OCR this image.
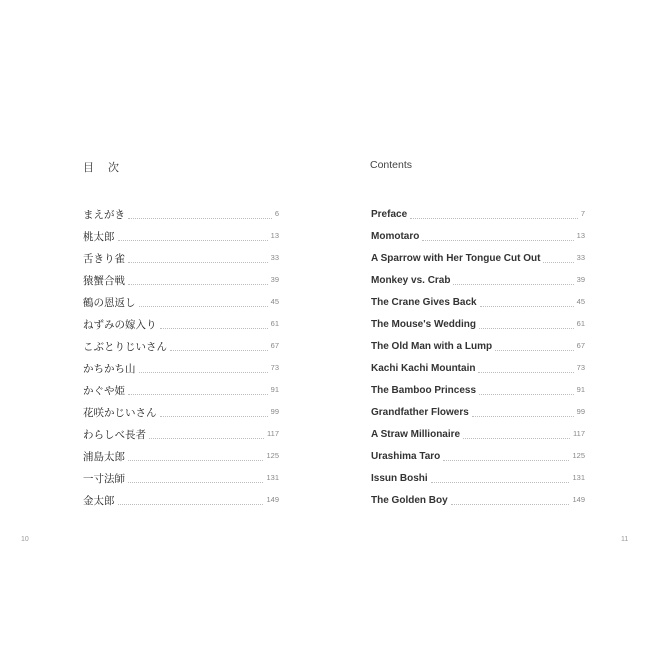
目次
まえがき	6
桃太郎	13
舌きり雀	33
猿蟹合戦	39
鶴の恩返し	45
ねずみの嫁入り	61
こぶとりじいさん	67
かちかち山	73
かぐや姫	91
花咲かじいさん	99
わらしべ長者	117
浦島太郎	125
一寸法師	131
金太郎	149
10
Contents
Preface	7
Momotaro	13
A Sparrow with Her Tongue Cut Out	33
Monkey vs. Crab	39
The Crane Gives Back	45
The Mouse's Wedding	61
The Old Man with a Lump	67
Kachi Kachi Mountain	73
The Bamboo Princess	91
Grandfather Flowers	99
A Straw Millionaire	117
Urashima Taro	125
Issun Boshi	131
The Golden Boy	149
11
